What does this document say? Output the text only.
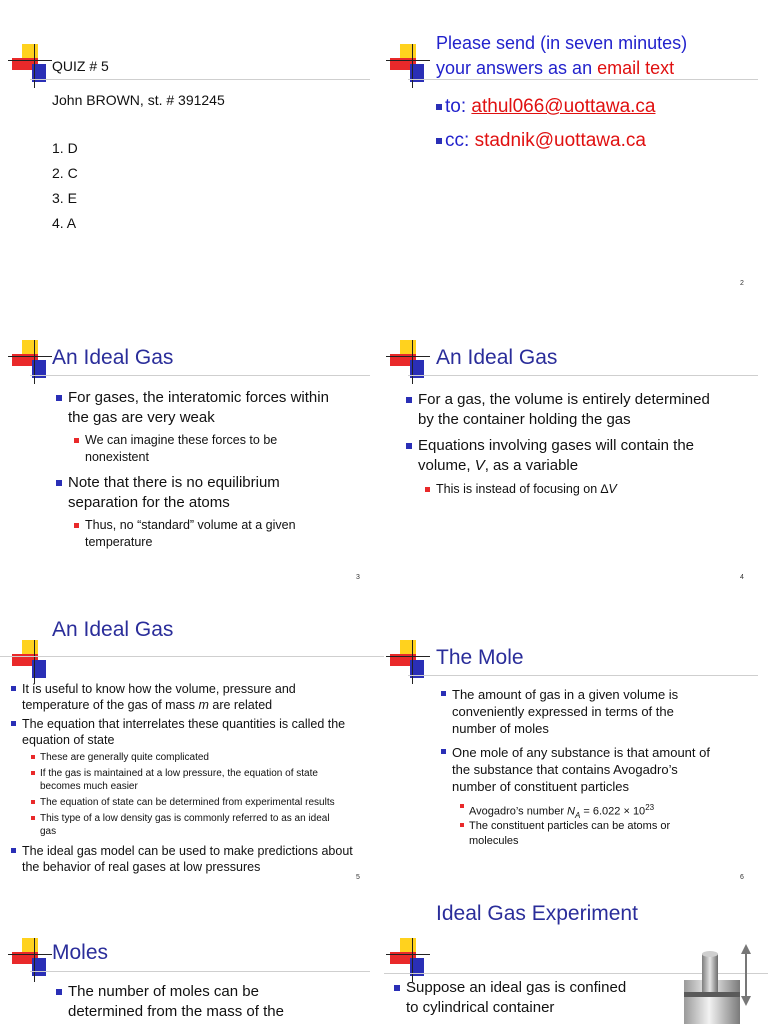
QUIZ # 5
John BROWN, st. # 391245
1. D
2. C
3. E
4. A
Please send (in seven minutes)
your answers as an email text
to: athul066@uottawa.ca
cc: stadnik@uottawa.ca
2
An Ideal Gas
For gases, the interatomic forces within
the gas are very weak
We can imagine these forces to be
nonexistent
Note that there is no equilibrium
separation for the atoms
Thus, no “standard” volume at a given
temperature
3
An Ideal Gas
For a gas, the volume is entirely determined
by the container holding the gas
Equations involving gases will contain the
volume, V, as a variable
This is instead of focusing on ∆V
4
An Ideal Gas
It is useful to know how the volume, pressure and
temperature of the gas of mass m are related
The equation that interrelates these quantities is called the
equation of state
These are generally quite complicated
If the gas is maintained at a low pressure, the equation of state
becomes much easier
The equation of state can be determined from experimental results
This type of a low density gas is commonly referred to as an ideal
gas
The ideal gas model can be used to make predictions about
the behavior of real gases at low pressures
5
The Mole
The amount of gas in a given volume is
conveniently expressed in terms of the
number of moles
One mole of any substance is that amount of
the substance that contains Avogadro’s
number of constituent particles
Avogadro’s number $N_A = 6.022 \times 10^{23}$
The constituent particles can be atoms or
molecules
6
Moles
The number of moles can be
determined from the mass of the
Ideal Gas Experiment
Suppose an ideal gas is confined
to cylindrical container
